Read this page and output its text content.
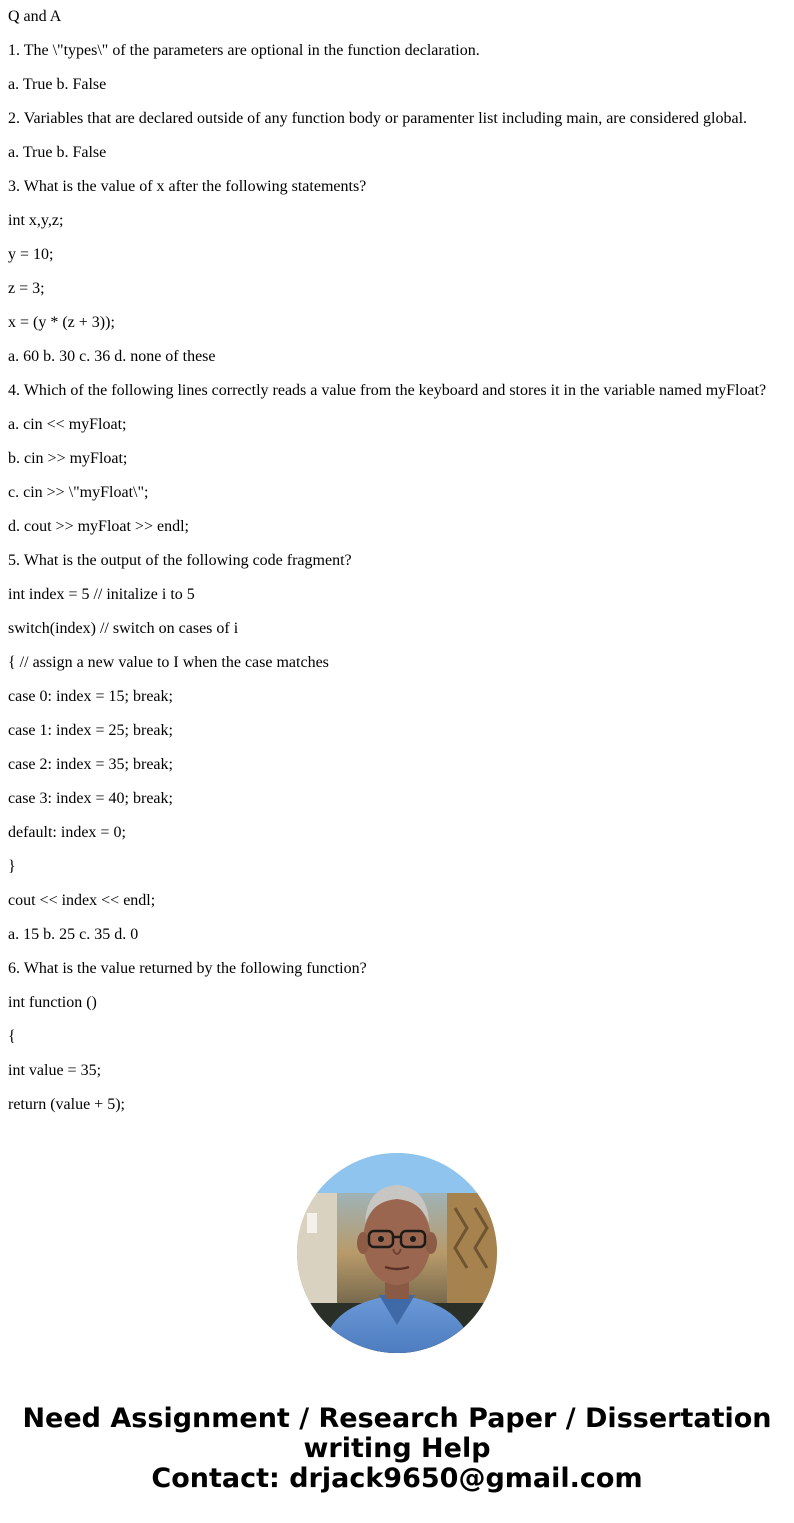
Q and A

1. The \"types\" of the parameters are optional in the function declaration.

a. True b. False

2. Variables that are declared outside of any function body or paramenter list including main, are considered global.

a. True b. False

3. What is the value of x after the following statements?

int x,y,z;

y = 10;

z = 3;

x = (y * (z + 3));

a. 60 b. 30 c. 36 d. none of these

4. Which of the following lines correctly reads a value from the keyboard and stores it in the variable named myFloat?

a. cin << myFloat;

b. cin >> myFloat;

c. cin >> \"myFloat\";

d. cout >> myFloat >> endl;

5. What is the output of the following code fragment?

int index = 5 // initalize i to 5

switch(index) // switch on cases of i

{ // assign a new value to I when the case matches

case 0: index = 15; break;

case 1: index = 25; break;

case 2: index = 35; break;

case 3: index = 40; break;

default: index = 0;

}

cout << index << endl;

a. 15 b. 25 c. 35 d. 0

6. What is the value returned by the following function?

int function ()

{

int value = 35;

return (value + 5);

Need Assignment / Research Paper / Dissertation
writing Help
Contact: drjack9650@gmail.com
